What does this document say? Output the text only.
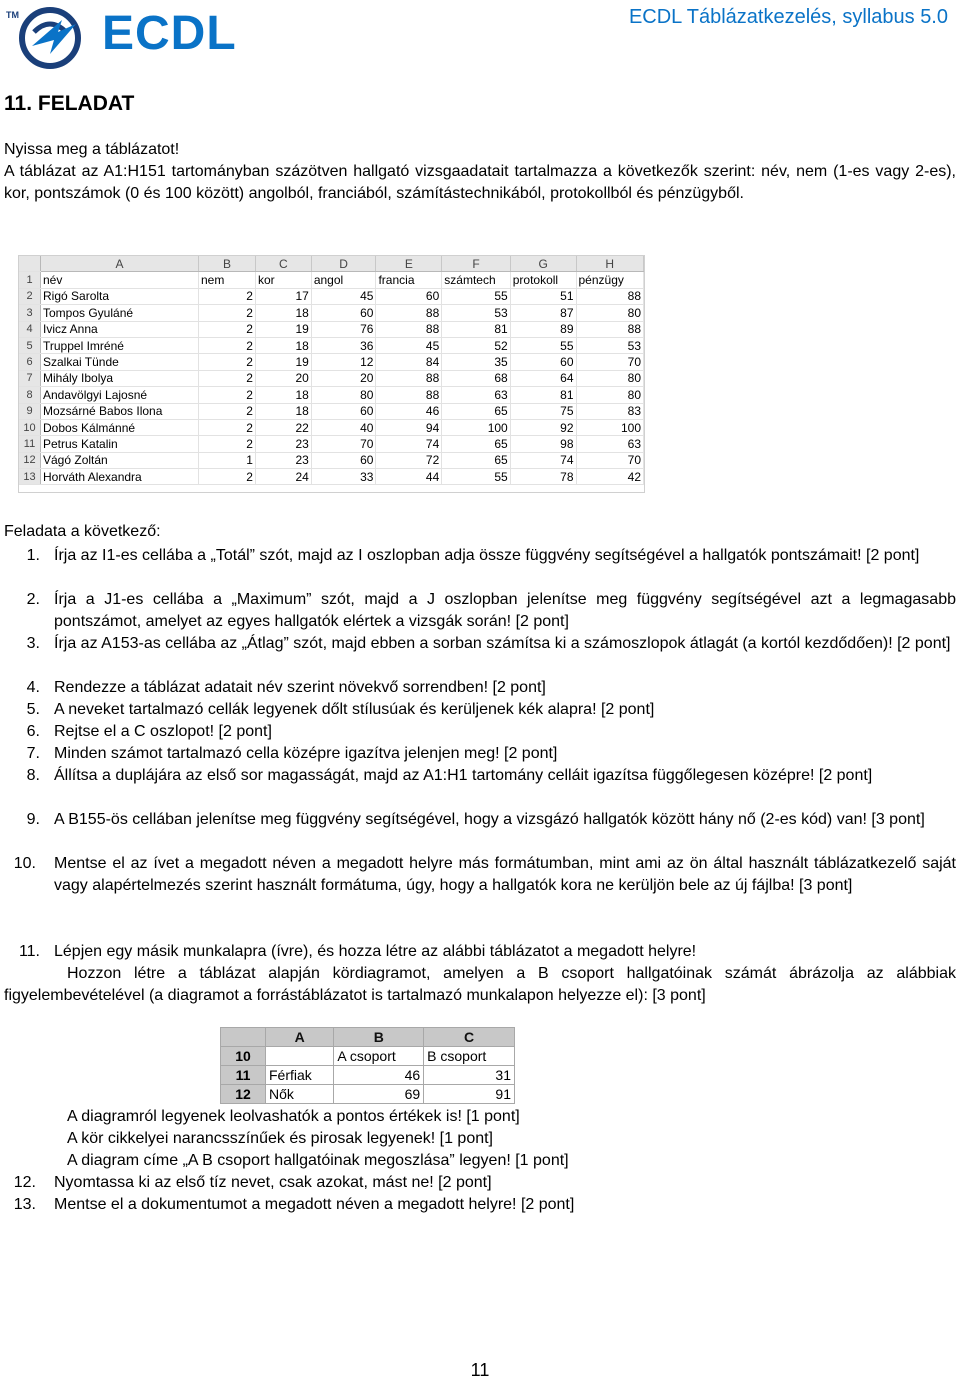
TM ECDL	ECDL Táblázatkezelés, syllabus 5.0
11. FELADAT
Nyissa meg a táblázatot!
A táblázat az A1:H151 tartományban százötven hallgató vizsgaadatait tartalmazza a következők szerint: név, nem (1-es vagy 2-es), kor, pontszámok (0 és 100 között) angolból, franciából, számítástechnikából, protokollból és pénzügyből.
	A	B	C	D	E	F	G	H
1	név	nem	kor	angol	francia	számtech	protokoll	pénzügy
2	Rigó Sarolta	2	17	45	60	55	51	88
3	Tompos Gyuláné	2	18	60	88	53	87	80
4	Ivicz Anna	2	19	76	88	81	89	88
5	Truppel Imréné	2	18	36	45	52	55	53
6	Szalkai Tünde	2	19	12	84	35	60	70
7	Mihály Ibolya	2	20	20	88	68	64	80
8	Andavölgyi Lajosné	2	18	80	88	63	81	80
9	Mozsárné Babos Ilona	2	18	60	46	65	75	83
10	Dobos Kálmánné	2	22	40	94	100	92	100
11	Petrus Katalin	2	23	70	74	65	98	63
12	Vágó Zoltán	1	23	60	72	65	74	70
13	Horváth Alexandra	2	24	33	44	55	78	42
Feladata a következő:
1. Írja az I1-es cellába a „Totál” szót, majd az I oszlopban adja össze függvény segítségével a hallgatók pontszámait! [2 pont]
2. Írja a J1-es cellába a „Maximum” szót, majd a J oszlopban jelenítse meg függvény segítségével azt a legmagasabb pontszámot, amelyet az egyes hallgatók elértek a vizsgák során! [2 pont]
3. Írja az A153-as cellába az „Átlag” szót, majd ebben a sorban számítsa ki a számoszlopok átlagát (a kortól kezdődően)! [2 pont]
4. Rendezze a táblázat adatait név szerint növekvő sorrendben! [2 pont]
5. A neveket tartalmazó cellák legyenek dőlt stílusúak és kerüljenek kék alapra! [2 pont]
6. Rejtse el a C oszlopot! [2 pont]
7. Minden számot tartalmazó cella középre igazítva jelenjen meg! [2 pont]
8. Állítsa a duplájára az első sor magasságát, majd az A1:H1 tartomány celláit igazítsa függőlegesen középre! [2 pont]
9. A B155-ös cellában jelenítse meg függvény segítségével, hogy a vizsgázó hallgatók között hány nő (2-es kód) van! [3 pont]
10. Mentse el az ívet a megadott néven a megadott helyre más formátumban, mint ami az ön által használt táblázatkezelő saját vagy alapértelmezés szerint használt formátuma, úgy, hogy a hallgatók kora ne kerüljön bele az új fájlba! [3 pont]
11. Lépjen egy másik munkalapra (ívre), és hozza létre az alábbi táblázatot a megadott helyre!
Hozzon létre a táblázat alapján kördiagramot, amelyen a B csoport hallgatóinak számát ábrázolja az alábbiak figyelembevételével (a diagramot a forrástáblázatot is tartalmazó munkalapon helyezze el): [3 pont]
	A	B	C
10		A csoport	B csoport
11	Férfiak	46	31
12	Nők	69	91
A diagramról legyenek leolvashatók a pontos értékek is! [1 pont]
A kör cikkelyei narancsszínűek és pirosak legyenek! [1 pont]
A diagram címe „A B csoport hallgatóinak megoszlása” legyen! [1 pont]
12. Nyomtassa ki az első tíz nevet, csak azokat, mást ne! [2 pont]
13. Mentse el a dokumentumot a megadott néven a megadott helyre! [2 pont]
11
